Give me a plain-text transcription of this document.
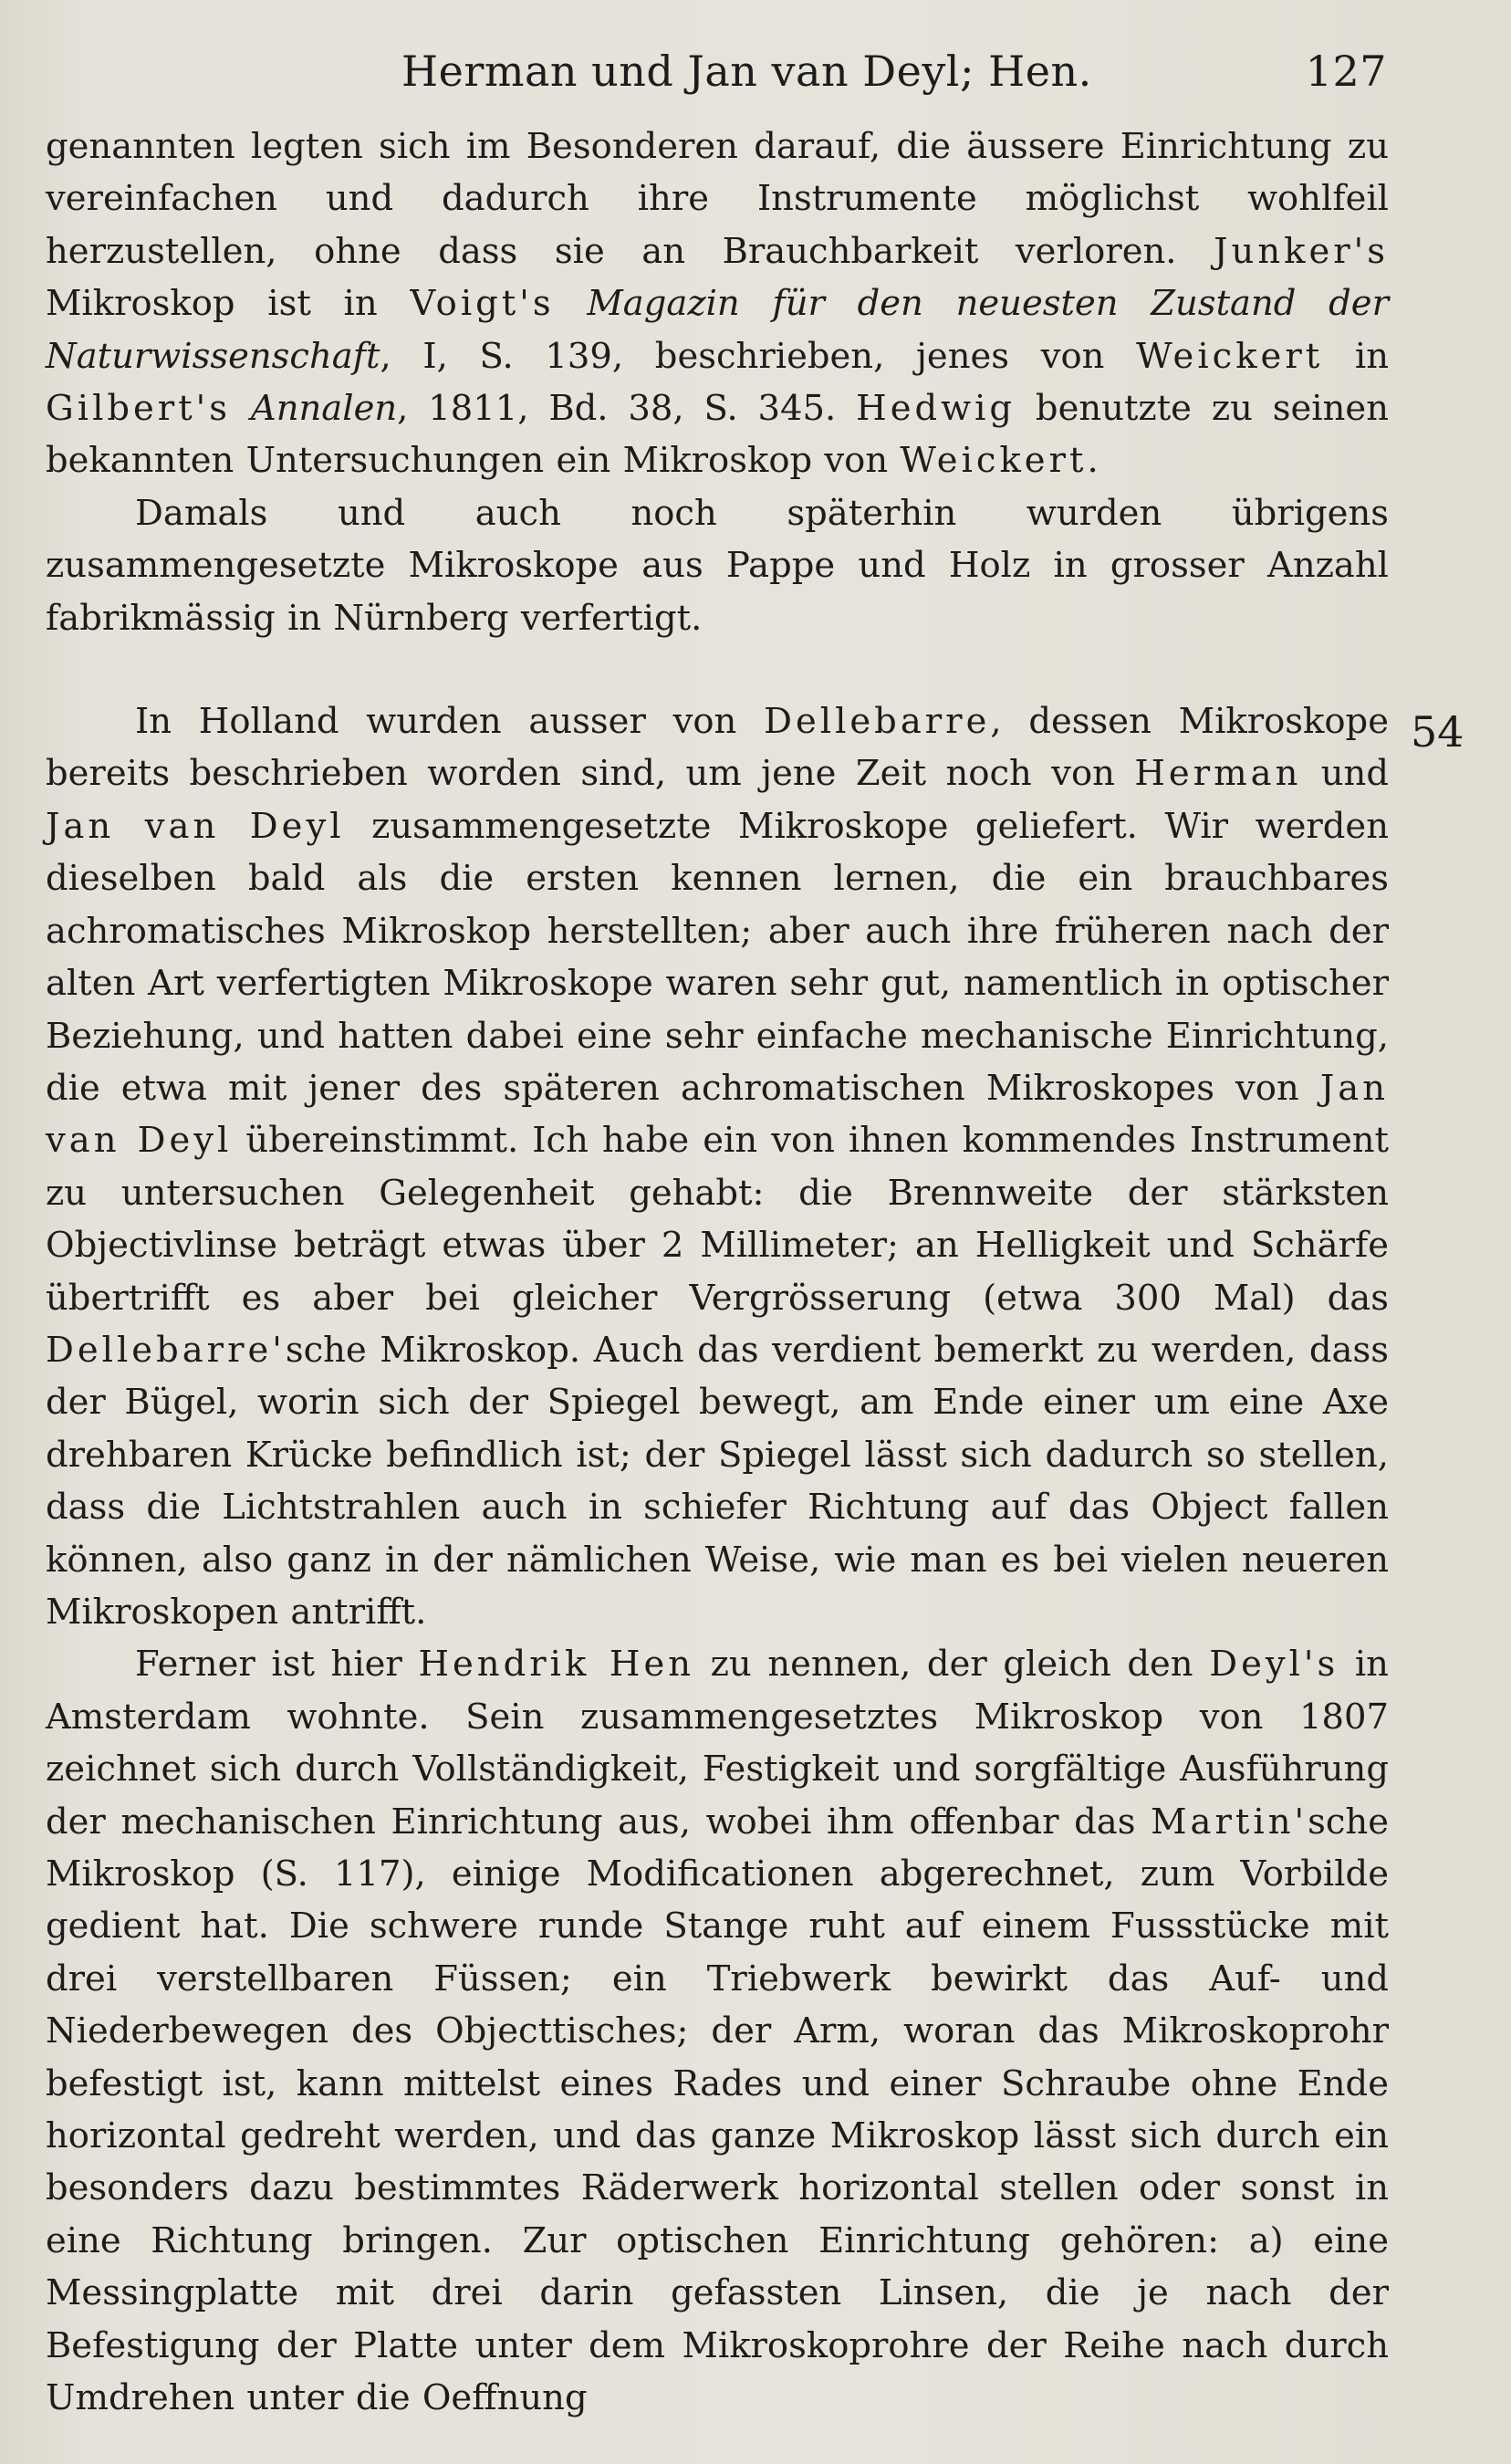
Herman und Jan van Deyl; Hen.	127
54

genannten legten sich im Besonderen darauf, die äussere Einrichtung zu vereinfachen und dadurch ihre Instrumente möglichst wohlfeil herzustellen, ohne dass sie an Brauchbarkeit verloren. Junker's Mikroskop ist in Voigt's Magazin für den neuesten Zustand der Naturwissenschaft, I, S. 139, beschrieben, jenes von Weickert in Gilbert's Annalen, 1811, Bd. 38, S. 345. Hedwig benutzte zu seinen bekannten Untersuchungen ein Mikroskop von Weickert.

Damals und auch noch späterhin wurden übrigens zusammengesetzte Mikroskope aus Pappe und Holz in grosser Anzahl fabrikmässig in Nürnberg verfertigt.

In Holland wurden ausser von Dellebarre, dessen Mikroskope bereits beschrieben worden sind, um jene Zeit noch von Herman und Jan van Deyl zusammengesetzte Mikroskope geliefert. Wir werden dieselben bald als die ersten kennen lernen, die ein brauchbares achromatisches Mikroskop herstellten; aber auch ihre früheren nach der alten Art verfertigten Mikroskope waren sehr gut, namentlich in optischer Beziehung, und hatten dabei eine sehr einfache mechanische Einrichtung, die etwa mit jener des späteren achromatischen Mikroskopes von Jan van Deyl übereinstimmt. Ich habe ein von ihnen kommendes Instrument zu untersuchen Gelegenheit gehabt: die Brennweite der stärksten Objectivlinse beträgt etwas über 2 Millimeter; an Helligkeit und Schärfe übertrifft es aber bei gleicher Vergrösserung (etwa 300 Mal) das Dellebarre'sche Mikroskop. Auch das verdient bemerkt zu werden, dass der Bügel, worin sich der Spiegel bewegt, am Ende einer um eine Axe drehbaren Krücke befindlich ist; der Spiegel lässt sich dadurch so stellen, dass die Lichtstrahlen auch in schiefer Richtung auf das Object fallen können, also ganz in der nämlichen Weise, wie man es bei vielen neueren Mikroskopen antrifft.

Ferner ist hier Hendrik Hen zu nennen, der gleich den Deyl's in Amsterdam wohnte. Sein zusammengesetztes Mikroskop von 1807 zeichnet sich durch Vollständigkeit, Festigkeit und sorgfältige Ausführung der mechanischen Einrichtung aus, wobei ihm offenbar das Martin'sche Mikroskop (S. 117), einige Modificationen abgerechnet, zum Vorbilde gedient hat. Die schwere runde Stange ruht auf einem Fussstücke mit drei verstellbaren Füssen; ein Triebwerk bewirkt das Auf- und Niederbewegen des Objecttisches; der Arm, woran das Mikroskoprohr befestigt ist, kann mittelst eines Rades und einer Schraube ohne Ende horizontal gedreht werden, und das ganze Mikroskop lässt sich durch ein besonders dazu bestimmtes Räderwerk horizontal stellen oder sonst in eine Richtung bringen. Zur optischen Einrichtung gehören: a) eine Messingplatte mit drei darin gefassten Linsen, die je nach der Befestigung der Platte unter dem Mikroskoprohre der Reihe nach durch Umdrehen unter die Oeffnung
